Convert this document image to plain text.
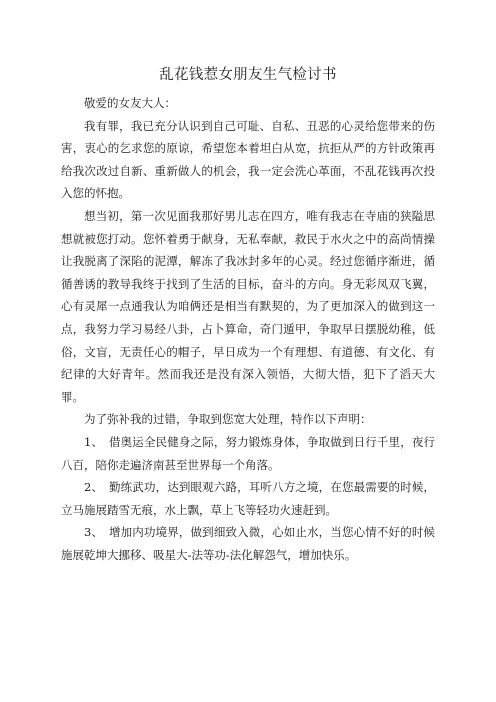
乱花钱惹女朋友生气检讨书

敬爱的女友大人：

我有罪，我已充分认识到自己可耻、自私、丑恶的心灵给您带来的伤害，衷心的乞求您的原谅，希望您本着坦白从宽，抗拒从严的方针政策再给我次改过自新、重新做人的机会，我一定会洗心革面，不乱花钱再次投入您的怀抱。

想当初，第一次见面我那好男儿志在四方，唯有我志在寺庙的狭隘思想就被您打动。您怀着勇于献身，无私奉献，救民于水火之中的高尚情操让我脱离了深陷的泥潭，解冻了我冰封多年的心灵。经过您循序渐进，循循善诱的教导我终于找到了生活的目标，奋斗的方向。身无彩凤双飞翼，心有灵犀一点通我认为咱俩还是相当有默契的，为了更加深入的做到这一点，我努力学习易经八卦，占卜算命，奇门遁甲，争取早日摆脱幼稚，低俗，文盲，无责任心的帽子，早日成为一个有理想、有道德、有文化、有纪律的大好青年。然而我还是没有深入领悟，大彻大悟，犯下了滔天大罪。

为了弥补我的过错，争取到您宽大处理，特作以下声明：

1、　借奥运全民健身之际，努力锻炼身体，争取做到日行千里，夜行八百，陪你走遍济南甚至世界每一个角落。

2、　勤练武功，达到眼观六路，耳听八方之境，在您最需要的时候，立马施展踏雪无痕，水上飘，草上飞等轻功火速赶到。

3、　增加内功境界，做到细致入微，心如止水，当您心情不好的时候施展乾坤大挪移、吸星大-法等功-法化解怨气，增加快乐。
